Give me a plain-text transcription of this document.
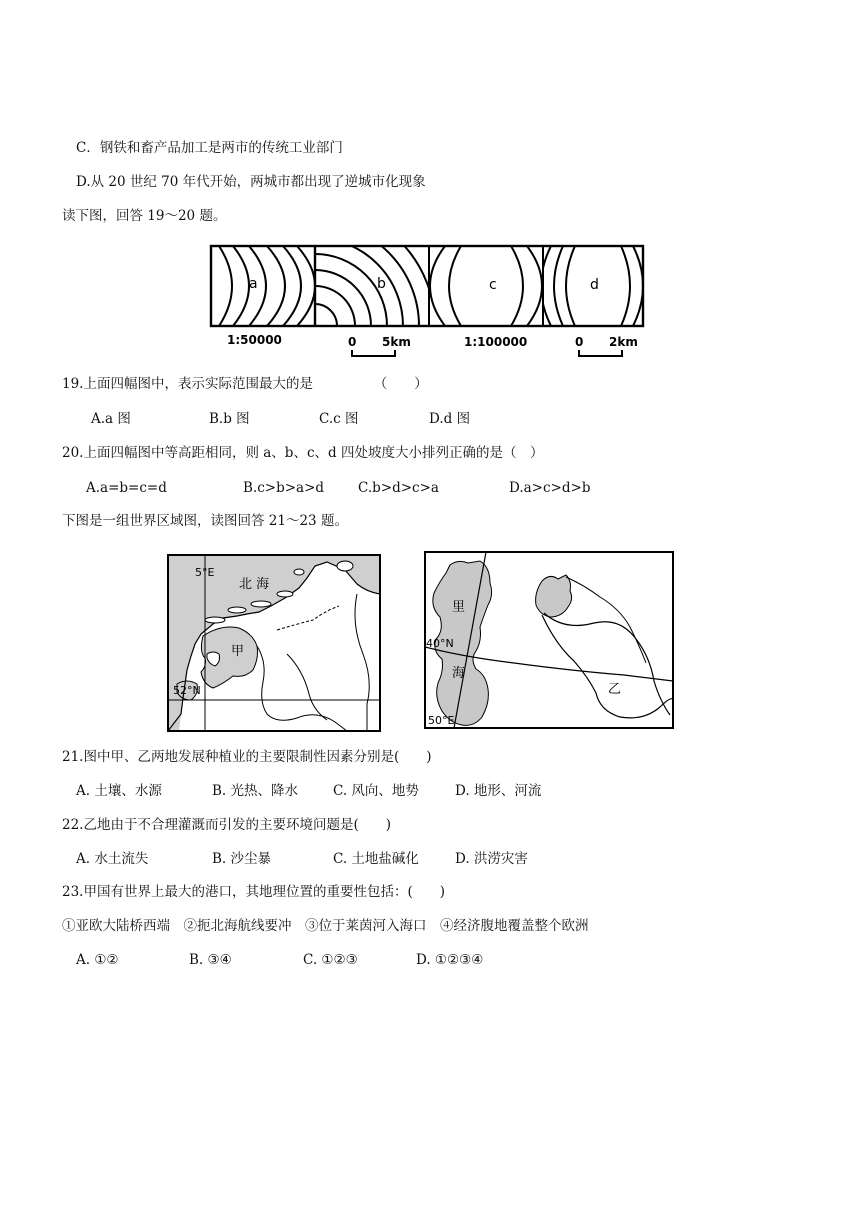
C．钢铁和畜产品加工是两市的传统工业部门
D.从 20 世纪 70 年代开始，两城市都出现了逆城市化现象
读下图，回答 19～20 题。
a	b	c	d
1:50000	0 5km	1:100000	0 2km
19.上面四幅图中，表示实际范围最大的是　　　　　（　　）
A.a 图	B.b 图	C.c 图	D.d 图
20.上面四幅图中等高距相同，则 a、b、c、d 四处坡度大小排列正确的是（　）
A.a=b=c=d	B.c>b>a>d	C.b>d>c>a	D.a>c>d>b
下图是一组世界区域图，读图回答 21～23 题。
5°E
北 海
甲
52°N
里
40°N
海
50°E
乙
21.图中甲、乙两地发展种植业的主要限制性因素分别是(　　)
A. 土壤、水源	B. 光热、降水	C. 风向、地势	D. 地形、河流
22.乙地由于不合理灌溉而引发的主要环境问题是(　　)
A. 水土流失	B. 沙尘暴	C. 土地盐碱化	D. 洪涝灾害
23.甲国有世界上最大的港口，其地理位置的重要性包括：(　　)
①亚欧大陆桥西端　②扼北海航线要冲　③位于莱茵河入海口　④经济腹地覆盖整个欧洲
A. ①②	B. ③④	C. ①②③	D. ①②③④
